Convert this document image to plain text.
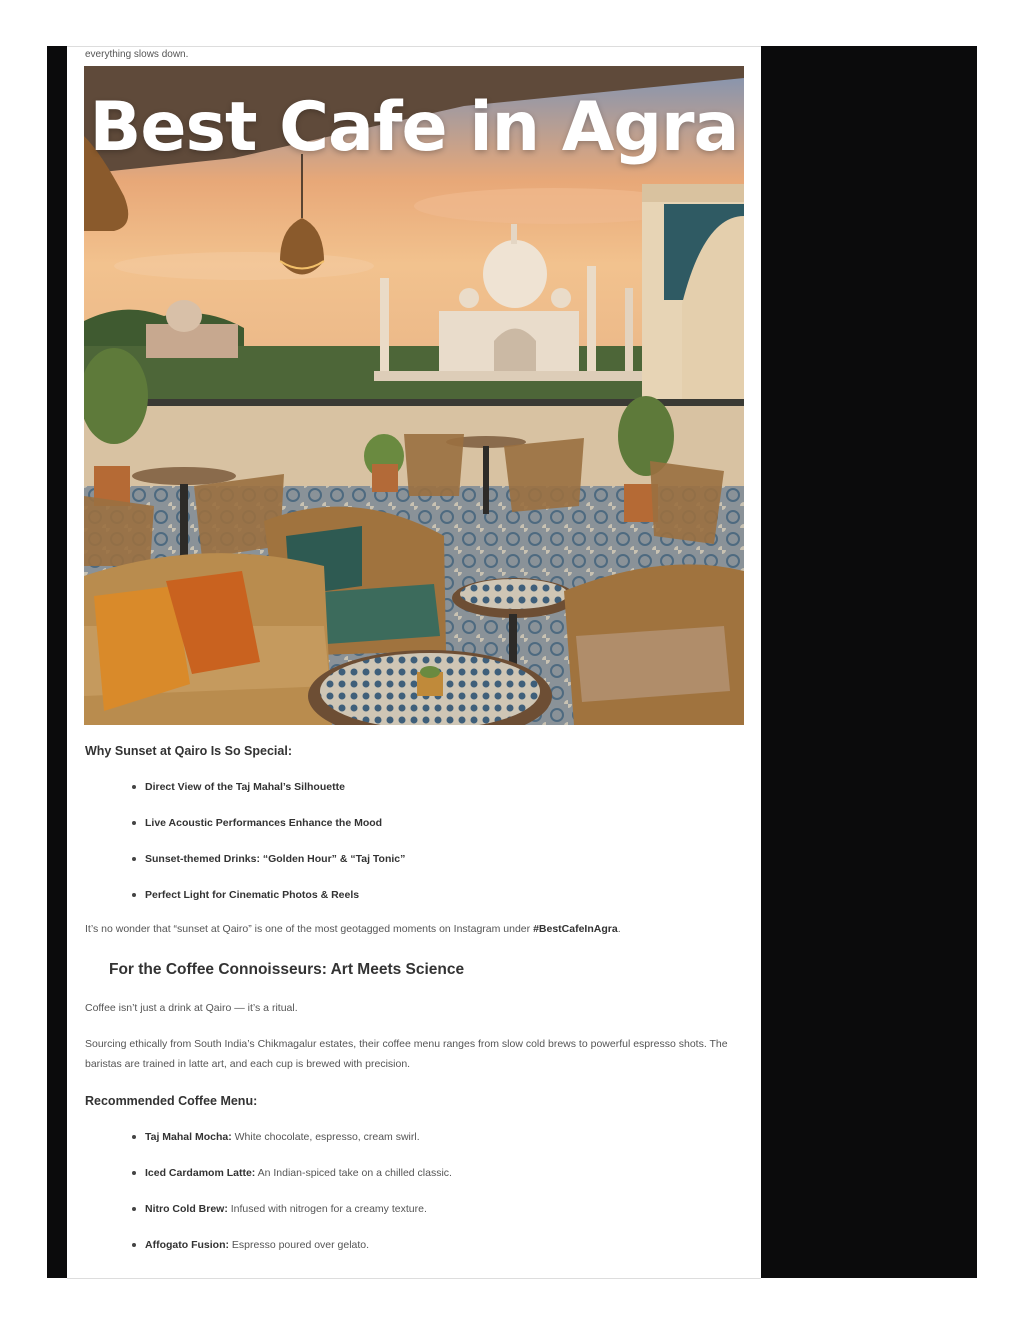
everything slows down.
Best Cafe in Agra
Why Sunset at Qairo Is So Special:
Direct View of the Taj Mahal’s Silhouette
Live Acoustic Performances Enhance the Mood
Sunset-themed Drinks: “Golden Hour” & “Taj Tonic”
Perfect Light for Cinematic Photos & Reels
It’s no wonder that “sunset at Qairo” is one of the most geotagged moments on Instagram under #BestCafeInAgra.
For the Coffee Connoisseurs: Art Meets Science
Coffee isn’t just a drink at Qairo — it’s a ritual.
Sourcing ethically from South India’s Chikmagalur estates, their coffee menu ranges from slow cold brews to powerful espresso shots. The baristas are trained in latte art, and each cup is brewed with precision.
Recommended Coffee Menu:
Taj Mahal Mocha: White chocolate, espresso, cream swirl.
Iced Cardamom Latte: An Indian-spiced take on a chilled classic.
Nitro Cold Brew: Infused with nitrogen for a creamy texture.
Affogato Fusion: Espresso poured over gelato.
